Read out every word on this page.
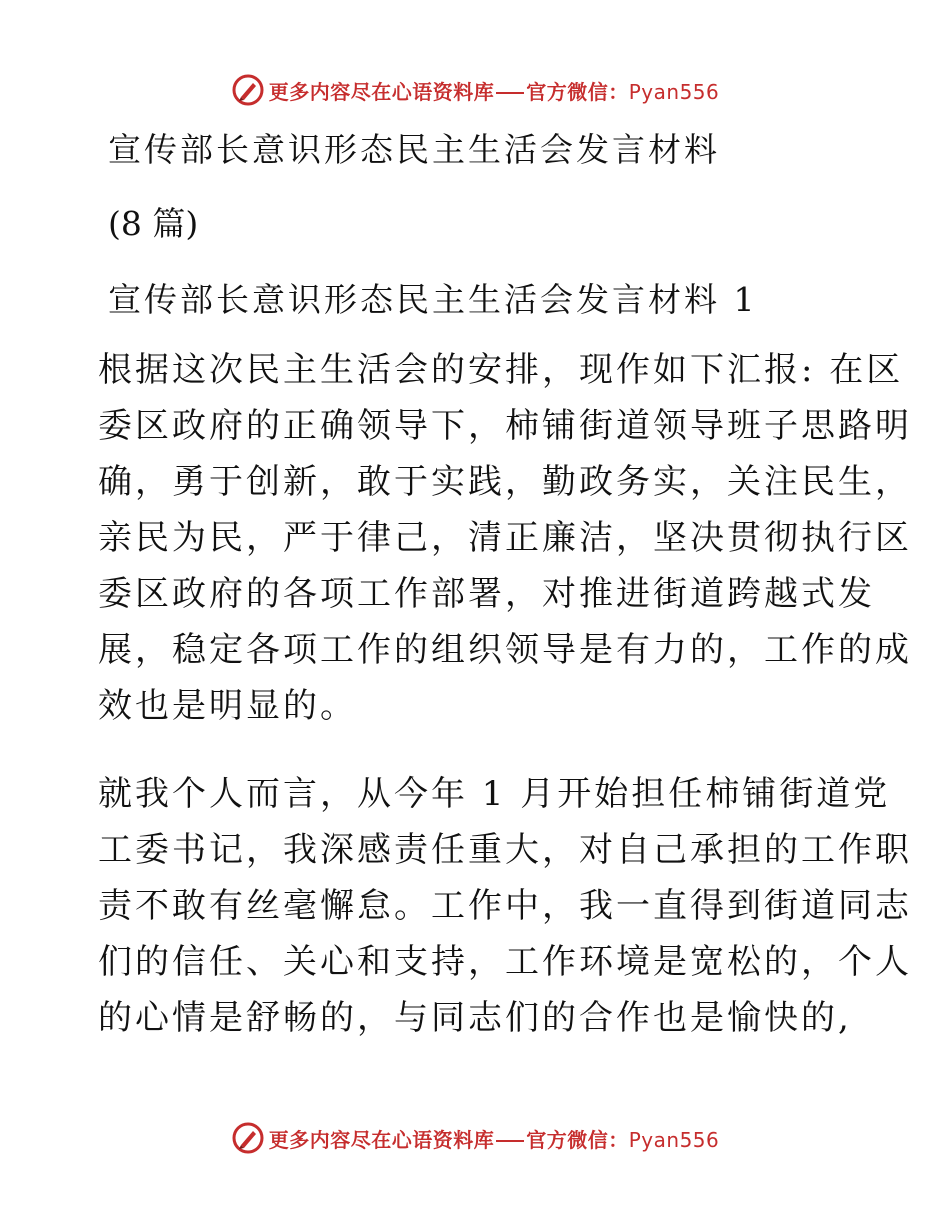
更多内容尽在心语资料库 官方微信：Pyan556
宣传部长意识形态民主生活会发言材料
(8 篇)
宣传部长意识形态民主生活会发言材料 1

根据这次民主生活会的安排，现作如下汇报: 在区

委区政府的正确领导下，柿铺街道领导班子思路明

确，勇于创新，敢于实践，勤政务实，关注民生，

亲民为民，严于律己，清正廉洁，坚决贯彻执行区

委区政府的各项工作部署，对推进街道跨越式发

展，稳定各项工作的组织领导是有力的，工作的成

效也是明显的。

就我个人而言，从今年 1 月开始担任柿铺街道党

工委书记，我深感责任重大，对自己承担的工作职

责不敢有丝毫懈怠。工作中，我一直得到街道同志

们的信任、关心和支持，工作环境是宽松的，个人

的心情是舒畅的，与同志们的合作也是愉快的,

更多内容尽在心语资料库 官方微信：Pyan556
